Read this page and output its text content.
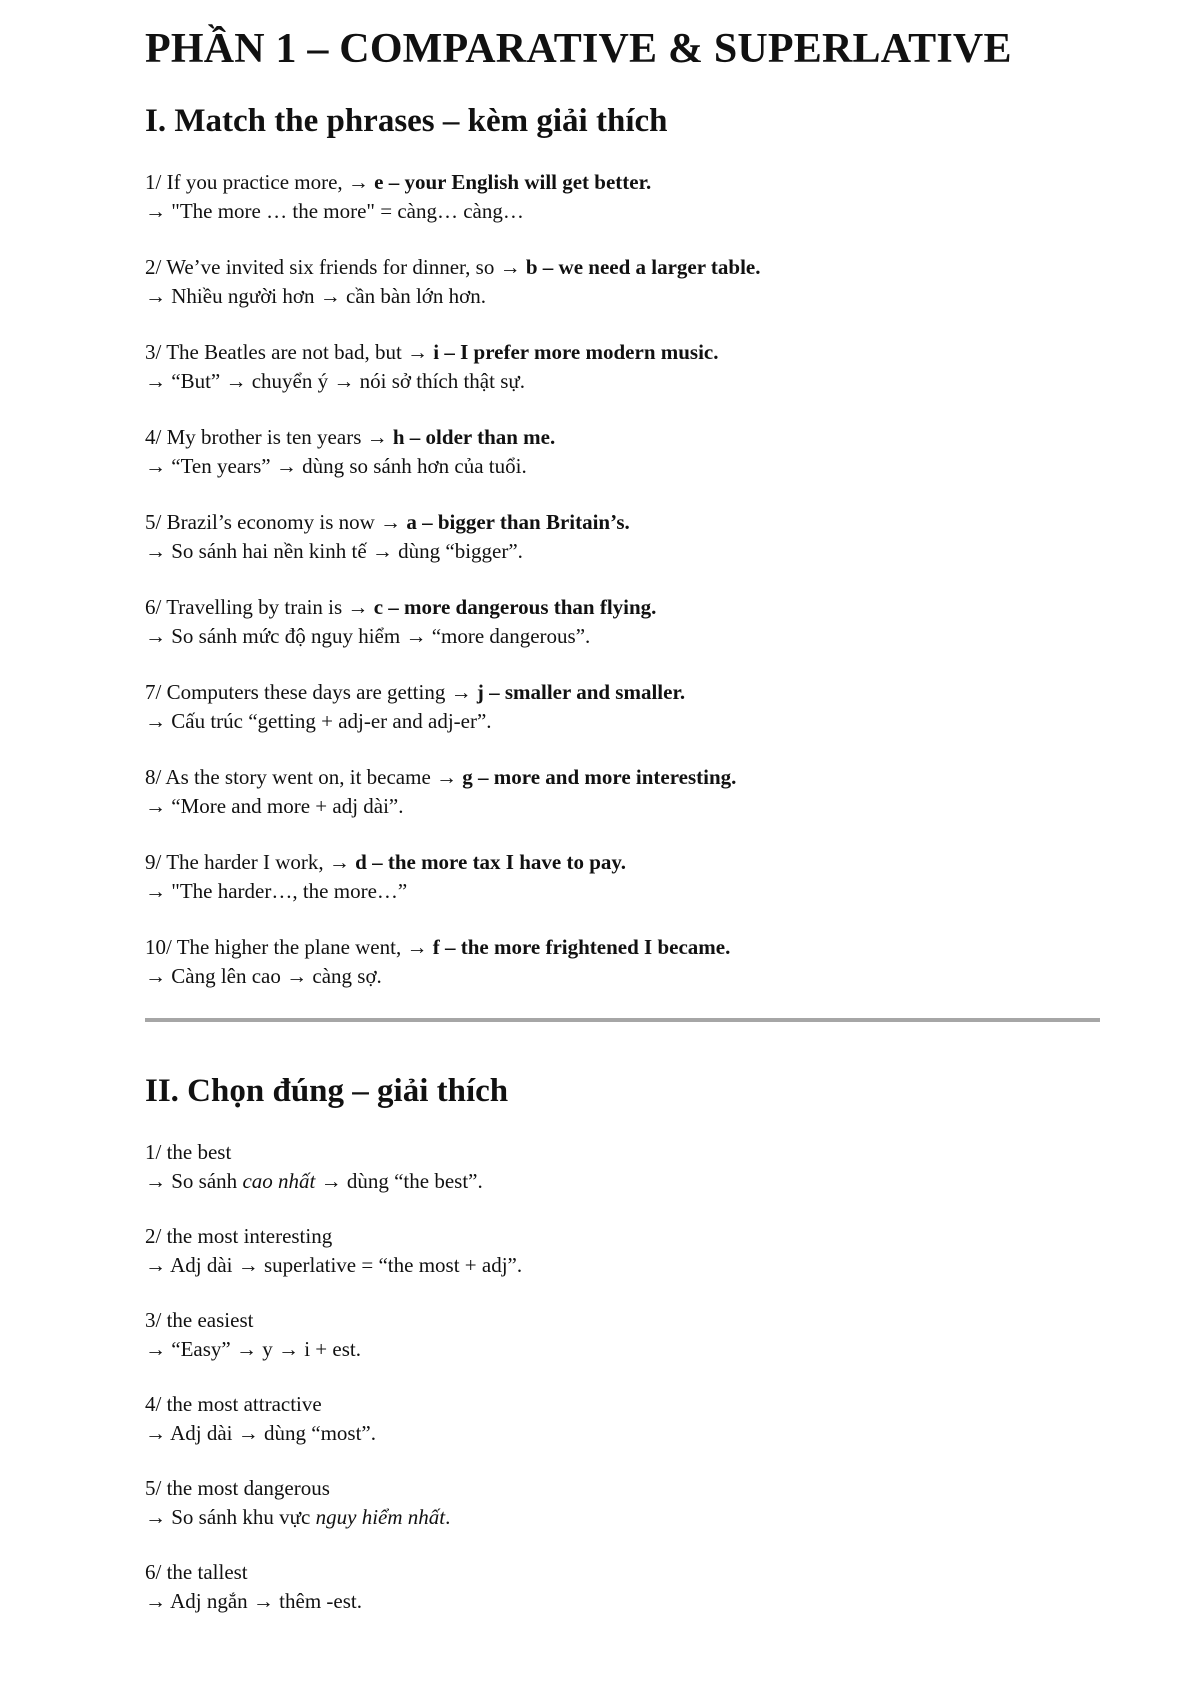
PHẦN 1 – COMPARATIVE & SUPERLATIVE
I. Match the phrases – kèm giải thích

1/ If you practice more, → e – your English will get better.

→ "The more … the more" = càng… càng…

2/ We’ve invited six friends for dinner, so → b – we need a larger table.

→ Nhiều người hơn → cần bàn lớn hơn.

3/ The Beatles are not bad, but → i – I prefer more modern music.

→ “But” → chuyển ý → nói sở thích thật sự.

4/ My brother is ten years → h – older than me.

→ “Ten years” → dùng so sánh hơn của tuổi.

5/ Brazil’s economy is now → a – bigger than Britain’s.

→ So sánh hai nền kinh tế → dùng “bigger”.

6/ Travelling by train is → c – more dangerous than flying.

→ So sánh mức độ nguy hiểm → “more dangerous”.

7/ Computers these days are getting → j – smaller and smaller.

→ Cấu trúc “getting + adj-er and adj-er”.

8/ As the story went on, it became → g – more and more interesting.

→ “More and more + adj dài”.

9/ The harder I work, → d – the more tax I have to pay.

→ "The harder…, the more…”

10/ The higher the plane went, → f – the more frightened I became.

→ Càng lên cao → càng sợ.

II. Chọn đúng – giải thích

1/ the best

→ So sánh cao nhất → dùng “the best”.

2/ the most interesting

→ Adj dài → superlative = “the most + adj”.

3/ the easiest

→ “Easy” → y → i + est.

4/ the most attractive

→ Adj dài → dùng “most”.

5/ the most dangerous

→ So sánh khu vực nguy hiểm nhất.

6/ the tallest

→ Adj ngắn → thêm -est.
